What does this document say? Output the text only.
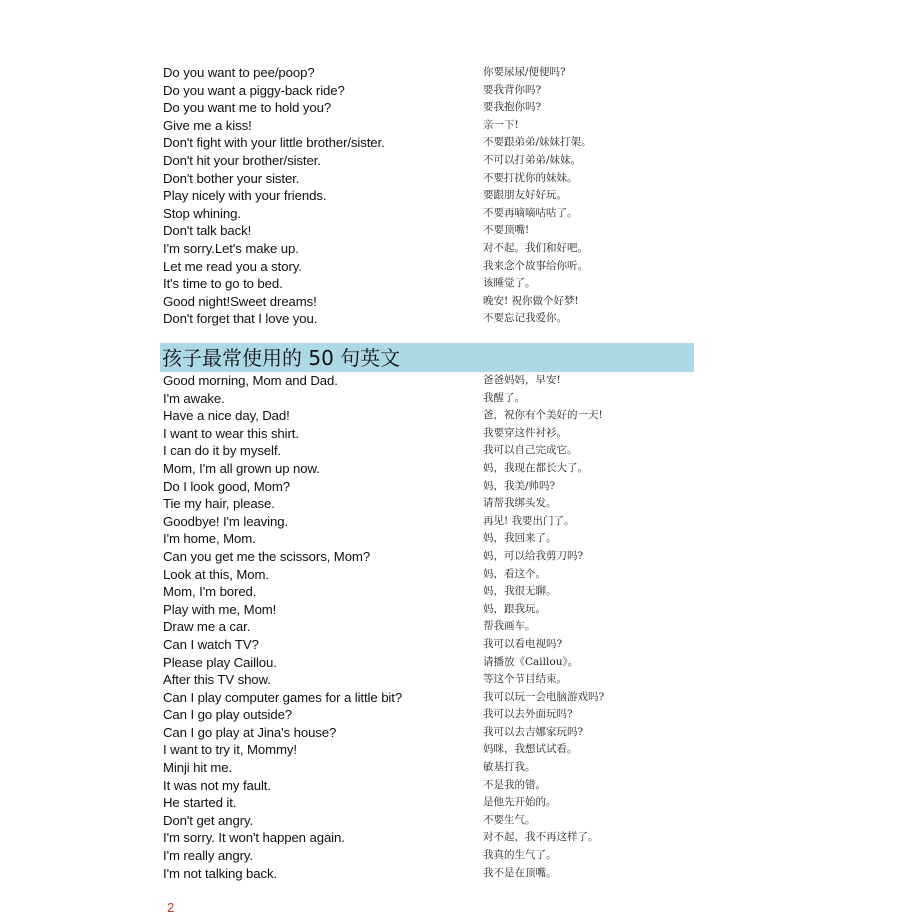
Do you want to pee/poop?	你要尿尿/便便吗?
Do you want a piggy-back ride?	要我背你吗?
Do you want me to hold you?	要我抱你吗?
Give me a kiss!	亲一下!
Don't fight with your little brother/sister.	不要跟弟弟/妹妹打架。
Don't hit your brother/sister.	不可以打弟弟/妹妹。
Don't bother your sister.	不要打扰你的妹妹。
Play nicely with your friends.	要跟朋友好好玩。
Stop whining.	不要再嘀嘀咕咕了。
Don't talk back!	不要顶嘴!
I'm sorry.Let's make up.	对不起。我们和好吧。
Let me read you a story.	我来念个故事给你听。
It's time to go to bed.	该睡觉了。
Good night!Sweet dreams!	晚安! 祝你做个好梦!
Don't forget that I love you.	不要忘记我爱你。
孩子最常使用的 50 句英文
Good morning, Mom and Dad.	爸爸妈妈，早安!
I'm awake.	我醒了。
Have a nice day, Dad!	爸，祝你有个美好的一天!
I want to wear this shirt.	我要穿这件衬衫。
I can do it by myself.	我可以自己完成它。
Mom, I'm all grown up now.	妈，我现在都长大了。
Do I look good, Mom?	妈，我美/帅吗?
Tie my hair, please.	请帮我绑头发。
Goodbye! I'm leaving.	再见! 我要出门了。
I'm home, Mom.	妈，我回来了。
Can you get me the scissors, Mom?	妈，可以给我剪刀吗?
Look at this, Mom.	妈，看这个。
Mom, I'm bored.	妈，我很无聊。
Play with me, Mom!	妈，跟我玩。
Draw me a car.	帮我画车。
Can I watch TV?	我可以看电视吗?
Please play Caillou.	请播放《Caillou》。
After this TV show.	等这个节目结束。
Can I play computer games for a little bit?	我可以玩一会电脑游戏吗?
Can I go play outside?	我可以去外面玩吗?
Can I go play at Jina's house?	我可以去吉娜家玩吗?
I want to try it, Mommy!	妈咪，我想试试看。
Minji hit me.	敏基打我。
It was not my fault.	不是我的错。
He started it.	是他先开始的。
Don't get angry.	不要生气。
I'm sorry. It won't happen again.	对不起，我不再这样了。
I'm really angry.	我真的生气了。
I'm not talking back.	我不是在顶嘴。
2
